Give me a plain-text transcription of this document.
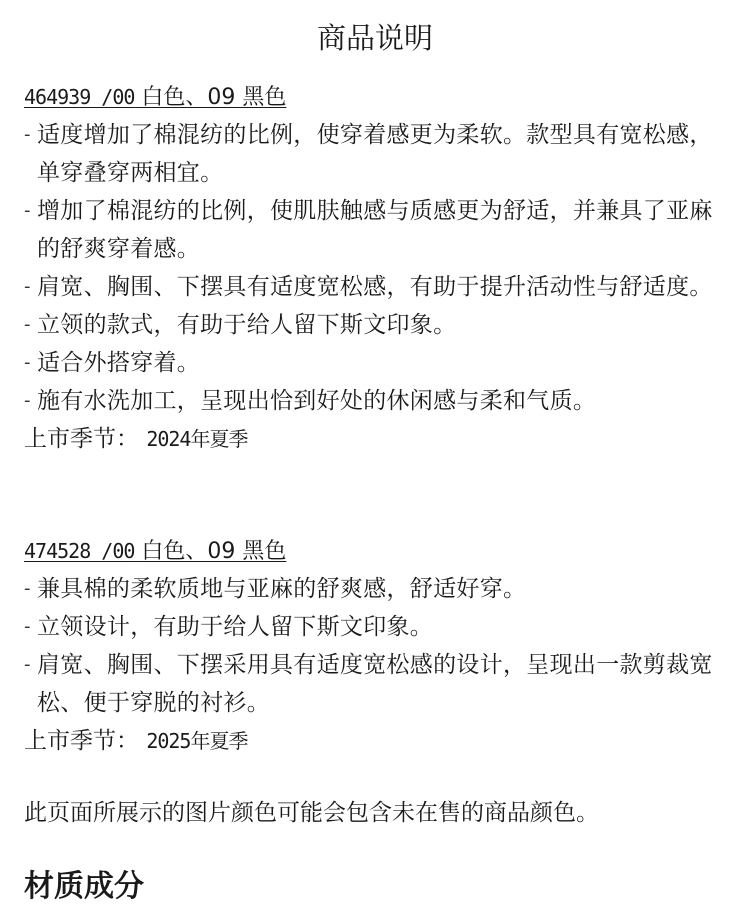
商品说明

464939 /00 白色、09 黑色

- 适度增加了棉混纺的比例，使穿着感更为柔软。款型具有宽松感，单穿叠穿两相宜。
- 增加了棉混纺的比例，使肌肤触感与质感更为舒适，并兼具了亚麻的舒爽穿着感。
- 肩宽、胸围、下摆具有适度宽松感，有助于提升活动性与舒适度。
- 立领的款式，有助于给人留下斯文印象。
- 适合外搭穿着。
- 施有水洗加工，呈现出恰到好处的休闲感与柔和气质。

上市季节： 2024年夏季

474528 /00 白色、09 黑色

- 兼具棉的柔软质地与亚麻的舒爽感，舒适好穿。
- 立领设计，有助于给人留下斯文印象。
- 肩宽、胸围、下摆采用具有适度宽松感的设计，呈现出一款剪裁宽松、便于穿脱的衬衫。

上市季节： 2025年夏季

此页面所展示的图片颜色可能会包含未在售的商品颜色。

材质成分
